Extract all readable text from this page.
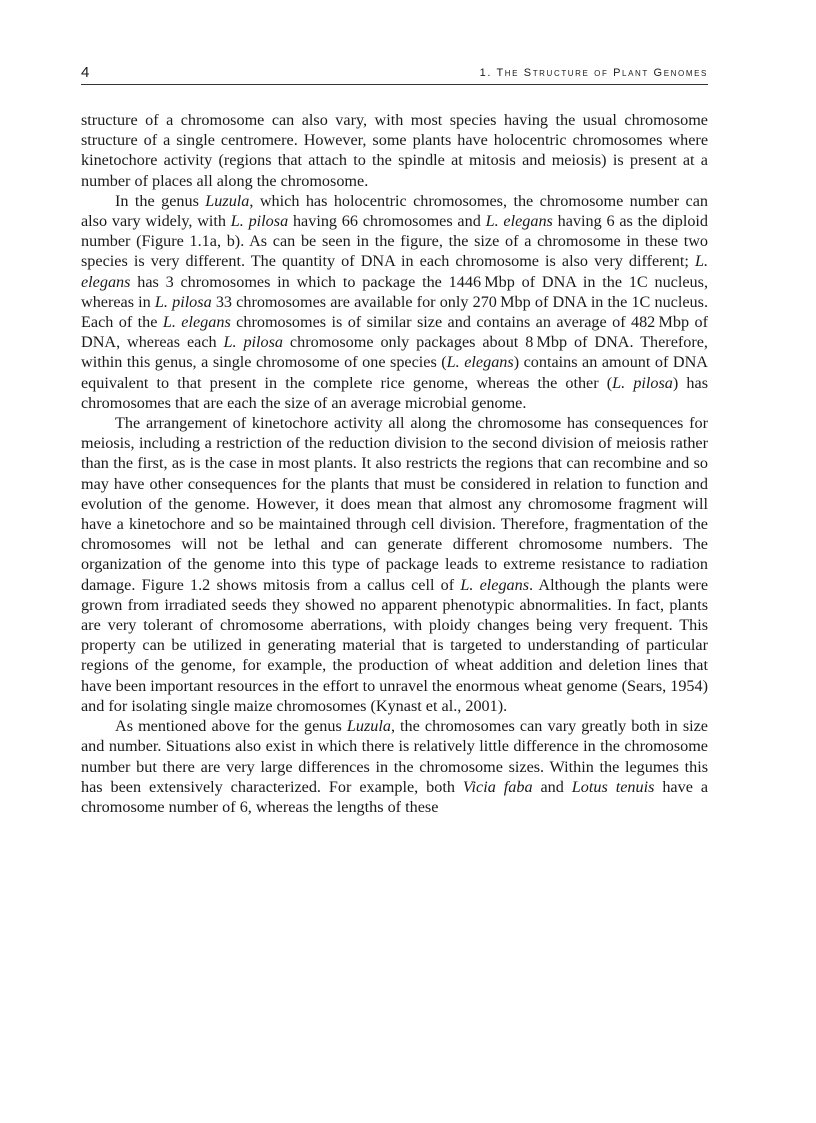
4	1. The Structure of Plant Genomes

structure of a chromosome can also vary, with most species having the usual chromosome structure of a single centromere. However, some plants have holocentric chromosomes where kinetochore activity (regions that attach to the spindle at mitosis and meiosis) is present at a number of places all along the chromosome.

In the genus Luzula, which has holocentric chromosomes, the chromosome number can also vary widely, with L. pilosa having 66 chromosomes and L. elegans having 6 as the diploid number (Figure 1.1a, b). As can be seen in the figure, the size of a chromosome in these two species is very different. The quantity of DNA in each chromosome is also very different; L. elegans has 3 chromosomes in which to package the 1446 Mbp of DNA in the 1C nucleus, whereas in L. pilosa 33 chromosomes are available for only 270 Mbp of DNA in the 1C nucleus. Each of the L. elegans chromosomes is of similar size and contains an average of 482 Mbp of DNA, whereas each L. pilosa chromosome only packages about 8 Mbp of DNA. Therefore, within this genus, a single chromosome of one species (L. elegans) contains an amount of DNA equivalent to that present in the complete rice genome, whereas the other (L. pilosa) has chromosomes that are each the size of an average microbial genome.

The arrangement of kinetochore activity all along the chromosome has consequences for meiosis, including a restriction of the reduction division to the second division of meiosis rather than the first, as is the case in most plants. It also restricts the regions that can recombine and so may have other consequences for the plants that must be considered in relation to function and evolution of the genome. However, it does mean that almost any chromosome fragment will have a kinetochore and so be maintained through cell division. Therefore, fragmentation of the chromosomes will not be lethal and can generate different chromosome numbers. The organization of the genome into this type of package leads to extreme resistance to radiation damage. Figure 1.2 shows mitosis from a callus cell of L. elegans. Although the plants were grown from irradiated seeds they showed no apparent phenotypic abnormalities. In fact, plants are very tolerant of chromosome aberrations, with ploidy changes being very frequent. This property can be utilized in generating material that is targeted to understanding of particular regions of the genome, for example, the production of wheat addition and deletion lines that have been important resources in the effort to unravel the enormous wheat genome (Sears, 1954) and for isolating single maize chromosomes (Kynast et al., 2001).

As mentioned above for the genus Luzula, the chromosomes can vary greatly both in size and number. Situations also exist in which there is relatively little difference in the chromosome number but there are very large differences in the chromosome sizes. Within the legumes this has been extensively characterized. For example, both Vicia faba and Lotus tenuis have a chromosome number of 6, whereas the lengths of these
